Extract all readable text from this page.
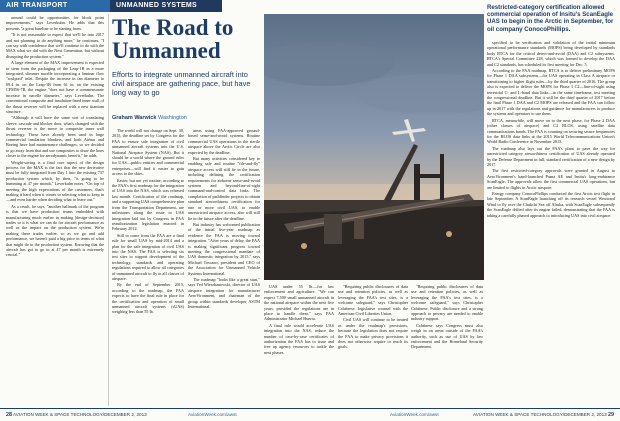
AIR TRANSPORT	UNMANNED SYSTEMS

around could be opportunities for block point improvements," says Leverkuhn. He adds that this presents "a great baseline to be starting from.

"It is not reasonable to expect that we'll be into 2017 and not planning to do anything more," he continues. "I can say with confidence that we'll continue to do with the MAX what we did with the Next Generation, but without disrupting the production system."

A large element of the MAX improvement is expected to stem from the packaging of the Leap-1B in a more integrated, slimmer nacelle incorporating a laminar flow "sculpted" inlet. Despite the increase in fan diameter to 69.4 in. on the Leap-1B from 61 in. on the existing CFM56-7B, the engine "does not have a commensurate increase in nacelle diameter," says Leverkuhn. The conventional composite and insulation-lined inner wall of the thrust reverser will be replaced with a new titanium structure.

"Although it will have the same sort of translating sleeve, cascade and blocker door, what's changed with the thrust reverser is the move to composite inner wall technology. These have already been used in large commercial insulation blankets, and both Airbus and Boeing have had maintenance challenges, so we decided to go away from that and use composites to draw the lines closer to the engine for aerodynamic benefit," he adds.

Weight-saving is a final core aspect of the design process for the MAX is the fact that the new derivative must be fully integrated from Day 1 into the existing 737 production system which, by then, "is going to be humming at 47 per month," Leverkuhn notes. "On top of meeting the high expectations of the customers, that's making it hard when it comes to selecting what to keep in—and even harder when deciding what to leave out."

As a result, he says, "another hallmark of the program is that we have production teams embedded with manufacturing much earlier in making [design-decision] trades so it is what we can do for aircraft performance as well as the impact on the production system. We're making these trades earlier, so as we go and add performance, we haven't paid a big price in terms of what that might do to the production system. Knowing that the aircraft has got to go in at 47 per month is extremely crucial."

The Road to Unmanned
Efforts to integrate unmanned aircraft into civil airspace are gathering pace, but have long way to go
Graham Warwick Washington

The world will not change on Sept. 30, 2015, the deadline set by Congress for the FAA to ensure safe integration of civil unmanned aircraft systems into the U.S. National Airspace System (NAS). But it should be a world where the ground rules for UAS—public entities and commercial enterprises—will find it easier to gain access to the skies.

Easier, but not yet routine, according to the FAA's first roadmap for the integration of UAS into the NAS, which was released last month. Certification of the roadmap, and a supporting UAS comprehensive plan from the Transportation Department, are milestones along the route to UAS integration laid out by Congress in FAA reauthorization legislation enacted in February 2012.

Still to come from the FAA are a final rule for small UAS by mid-2014 and a plan for the safe integration of civil UAS into the NAS. The FAA is selecting six test sites to support development of the technology, standards and operating regulations required to allow all categories of unmanned aircraft to fly in all classes of airspace.

By the end of September 2015, according to the roadmap, the FAA expects to have the final rule in place for the certification and operation of small unmanned aircraft systems (sUAS) weighing less than 55 lb.

areas using FAA-approved ground-based sense-and-avoid systems. Routine commercial UAS operations in the sterile airspace above the Arctic Circle are also expected by the deadline.

But many activities considered key to enabling safe and routine "file-and-fly" airspace access will still lie in the future, including defining the certification requirements for airborne sense-and-avoid systems and beyond-line-of-sight command-and-control data links. The completion of pathfinder projects to obtain standard airworthiness certification for one or more civil UAS, to enable unrestricted airspace access, also will still lie in the future after the deadline.

But industry has welcomed publication of the initial five-year roadmap as evidence the FAA is moving toward integration. "After years of delay, the FAA is making significant progress toward meeting the congressional mandate of UAS domestic integration by 2015," says Michael Toscano, president and CEO of the Association for Unmanned Vehicle Systems International.

The roadmap "looks like a great start," says Ted Wierzbanowski, director of UAS airspace integration for manufacturer AeroVironment, and chairman of the group within standards developer ASTM International.

UAS under 55 lb.—for law enforcement and agriculture. "We can expect 7,500 small unmanned aircraft in the national airspace within the next five years, provided the regulations are in place to handle them," says FAA Administrator Michael Huerta.

A final rule would accelerate UAS integration into the NAS, reduce the number of case-by-case certificates of authorization the FAA has to issue and free up agency resources to tackle the next phases.

"Requiring public disclosures of data use and retention policies, as well as leveraging the FAA's test sites, is a welcome safeguard," says Christopher Calabrese, legislative counsel with the American Civil Liberties Union.

Civil UAS will continue to be treated as under the roadmap's provisions, because the legislation does not require the FAA to make privacy provisions it does not otherwise require to reach its goals.

"Requiring public disclosures of data use and retention policies, as well as leveraging the FAA's test sites, is a welcome safeguard," says Christopher Calabrese. Public disclosure and a strong approach to privacy are needed to enable industry support.

Calabrese says Congress must also weigh in on areas outside of the FAA's authority, such as use of UAS by law enforcement and the Homeland Security Department.

Restricted-category certification allowed commercial operation of Insitu's ScanEagle UAS to begin in the Arctic in September, for oil company ConocoPhillips.

specified to be verification and validation of the initial minimum operational performance standards (MOPS) being developed by standards body RTCA for the critical detect-and-avoid (DAA) and C2 subsystems. RTCA's Special Committee 228, which was formed to develop the DAA and C2 standards, has scheduled its first meeting for Dec. 5.

According to the FAA roadmap, RTCA is to deliver preliminary MOPS for Phase 1 DAA subsystems—for UAS operating in Class A airspace or transitioning to higher flight rules—by the third quarter of 2016. The group also is expected to deliver the MOPS for Phase 1 C2—line-of-sight using terrestrial C- and L-band data links—in the same timeframe, test meeting the congressional deadline. But it will be the third quarter of 2017 before the final Phase 1 DAA and C2 MOPS are released and the FAA can follow up in 2017 with the regulations and guidance for manufacturers to produce the systems and operators to use them.

RTCA, meanwhile, will move on to the next phase, for Phase 2 DAA (other classes of airspace) and C2 BLOS, using satellite data communications bands. The FAA is counting on securing secure frequencies for the BLOS data links at the 2015 World Telecommunications Union's World Radio Conference in November 2015.

The roadmap also lays out the FAA's plans to pave the way for unrestricted category airworthiness certification of UAS already operated by the Defense Department in full, standard certification of a new design by 2017.

The first restricted-category approvals were granted in August to AeroVironment's hand-launched Puma AE and Insitu's long-endurance ScanEagle. The approvals allow the first commercial UAS operations, but are limited to flights in Arctic airspace.

Energy company ConocoPhillips conducted the first Arctic test flight in late September. A ScanEagle launching off its research vessel Westward Wind to fly over the Chukchi Sea off Alaska, with ScanEagle subsequently the ScanEagle drifted after its engine failed, demonstrating that the FAA is taking a carefully phased approach to introducing UAS into civil airspace.

28 AVIATION WEEK & SPACE TECHNOLOGY/DECEMBER 2, 2013	AviationWeek.com/awst	AviationWeek.com/awst	AVIATION WEEK & SPACE TECHNOLOGY/DECEMBER 2, 2013 29
